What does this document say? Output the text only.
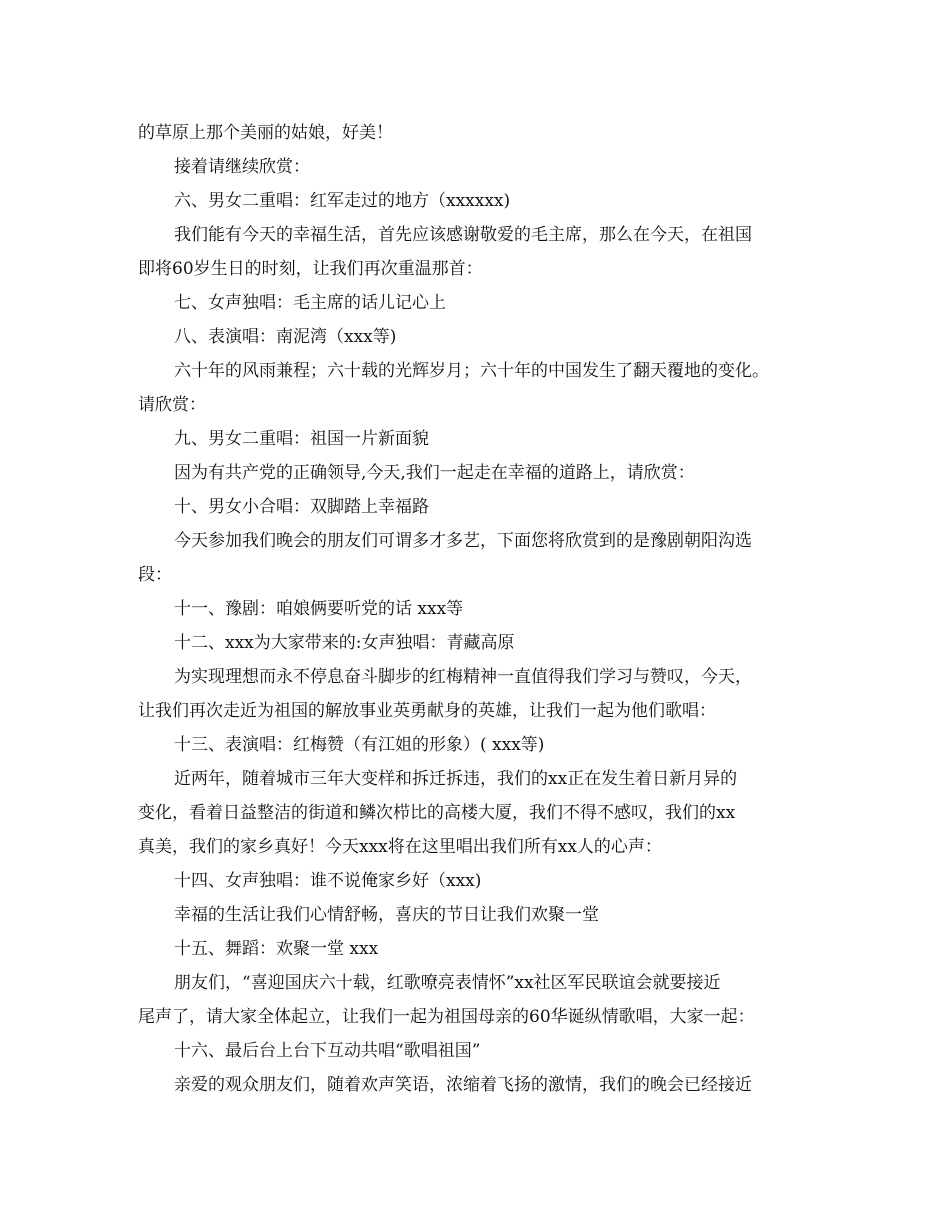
的草原上那个美丽的姑娘，好美！
接着请继续欣赏：
六、男女二重唱：红军走过的地方（xxxxxx)
我们能有今天的幸福生活，首先应该感谢敬爱的毛主席，那么在今天，在祖国
即将60岁生日的时刻，让我们再次重温那首：
七、女声独唱：毛主席的话儿记心上
八、表演唱：南泥湾（xxx等)
六十年的风雨兼程；六十载的光辉岁月；六十年的中国发生了翻天覆地的变化。
请欣赏：
九、男女二重唱：祖国一片新面貌
因为有共产党的正确领导,今天,我们一起走在幸福的道路上，请欣赏：
十、男女小合唱：双脚踏上幸福路
今天参加我们晚会的朋友们可谓多才多艺，下面您将欣赏到的是豫剧朝阳沟选
段：
十一、豫剧：咱娘俩要听党的话 xxx等
十二、xxx为大家带来的:女声独唱：青藏高原
为实现理想而永不停息奋斗脚步的红梅精神一直值得我们学习与赞叹，今天，
让我们再次走近为祖国的解放事业英勇献身的英雄，让我们一起为他们歌唱：
十三、表演唱：红梅赞（有江姐的形象）( xxx等)
近两年，随着城市三年大变样和拆迁拆违，我们的xx正在发生着日新月异的
变化，看着日益整洁的街道和鳞次栉比的高楼大厦，我们不得不感叹，我们的xx
真美，我们的家乡真好！今天xxx将在这里唱出我们所有xx人的心声：
十四、女声独唱：谁不说俺家乡好（xxx)
幸福的生活让我们心情舒畅，喜庆的节日让我们欢聚一堂
十五、舞蹈：欢聚一堂 xxx
朋友们，“喜迎国庆六十载，红歌嘹亮表情怀”xx社区军民联谊会就要接近
尾声了，请大家全体起立，让我们一起为祖国母亲的60华诞纵情歌唱，大家一起：
十六、最后台上台下互动共唱“歌唱祖国”
亲爱的观众朋友们，随着欢声笑语，浓缩着飞扬的激情，我们的晚会已经接近
